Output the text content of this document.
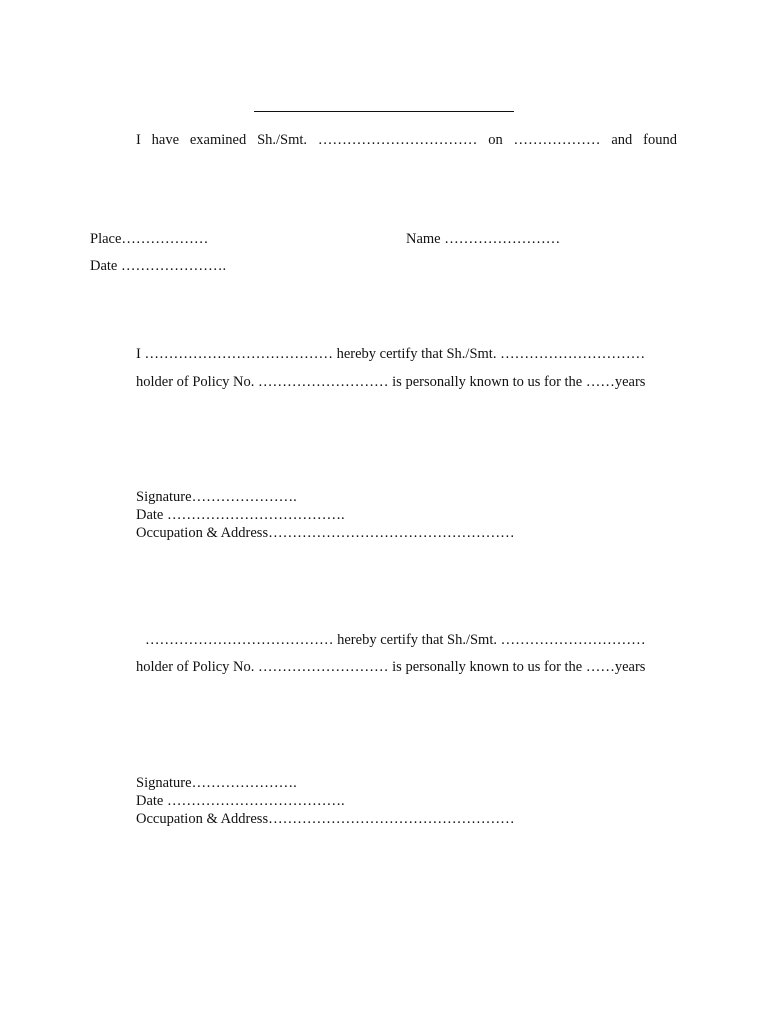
I have examined Sh./Smt. …………………………… on ……………… and found
Place………………	Name ……………………
Date ………………….
I ………………………………… hereby certify that Sh./Smt. …………………………
holder of Policy No. ……………………… is personally known to us for the ……years
Signature………………….
Date ……………………………….
Occupation & Address……………………………………………
………………………………… hereby certify that Sh./Smt. …………………………
holder of Policy No. ……………………… is personally known to us for the ……years
Signature………………….
Date ……………………………….
Occupation & Address……………………………………………
